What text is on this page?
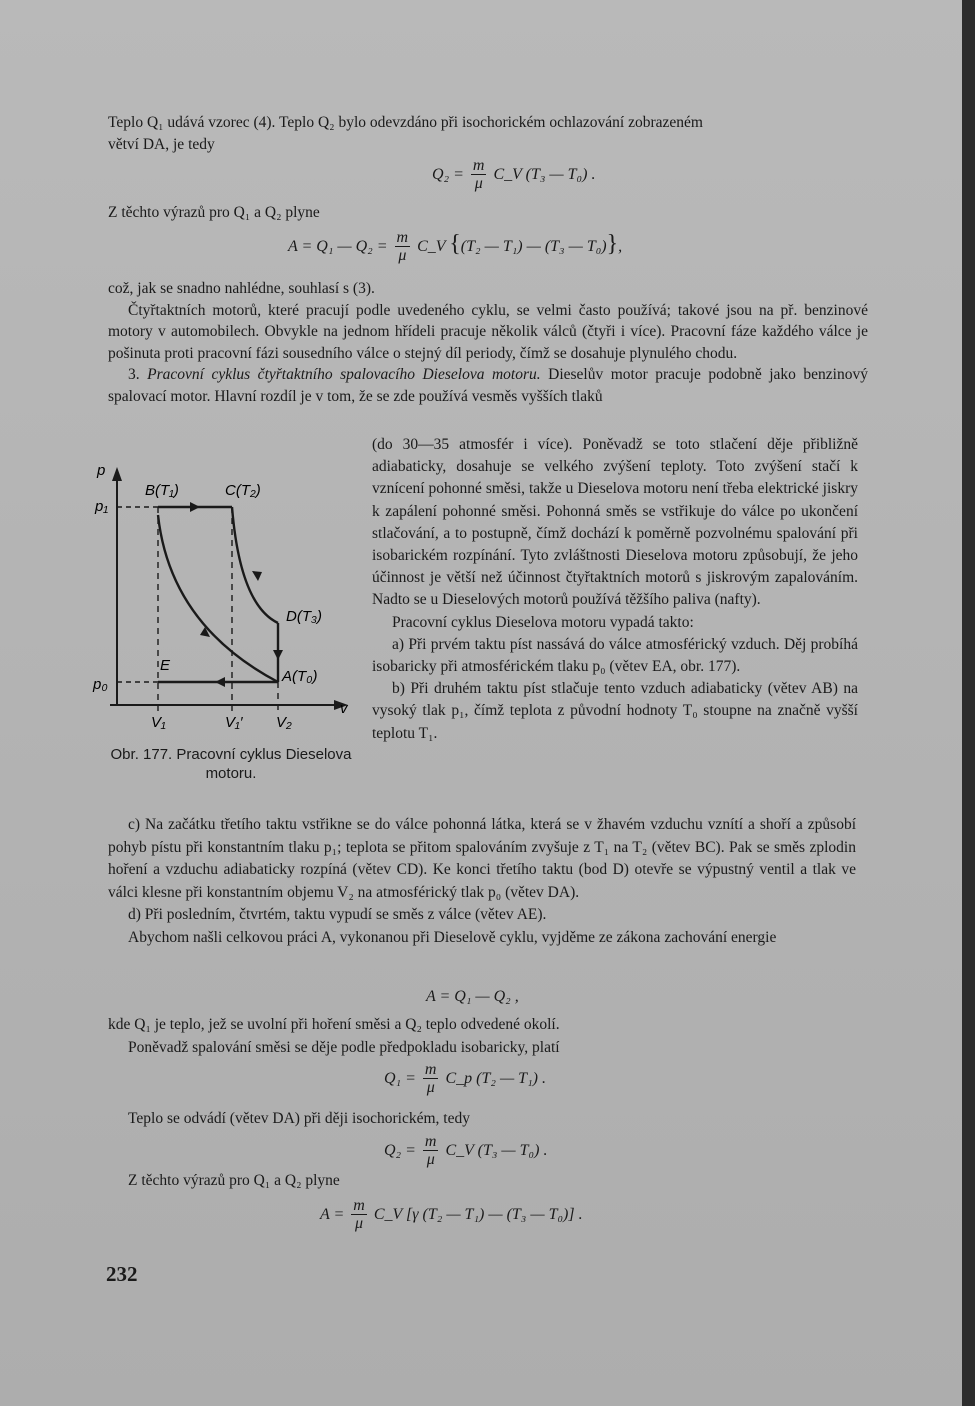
Teplo Q₁ udává vzorec (4). Teplo Q₂ bylo odevzdáno při isochorickém ochlazování zobrazeném

větví DA, je tedy

$Q_2 = \frac{m}{\mu}$ C_V (T₃ — T₀) .

Z těchto výrazů pro Q₁ a Q₂ plyne

A = Q₁ — $Q_2 = \frac{m}{\mu}$ C_V {(T₂ — T₁) — (T₃ — T₀)},

což, jak se snadno nahlédne, souhlasí s (3).

Čtyřtaktních motorů, které pracují podle uvedeného cyklu, se velmi často používá; takové jsou na př. benzinové motory v automobilech. Obvykle na jednom hřídeli pracuje několik válců (čtyři i více). Pracovní fáze každého válce je pošinuta proti pracovní fázi sousedního válce o stejný díl periody, čímž se dosahuje plynulého chodu.

3. Pracovní cyklus čtyřtaktního spalovacího Dieselova motoru. Dieselův motor pracuje podobně jako benzinový spalovací motor. Hlavní rozdíl je v tom, že se zde používá vesměs vyšších tlaků

(do 30—35 atmosfér i více). Poněvadž se toto stlačení děje přibližně adiabaticky, dosahuje se velkého zvýšení teploty. Toto zvýšení stačí k vznícení pohonné směsi, takže u Dieselova motoru není třeba elektrické jiskry k zapálení pohonné směsi. Pohonná směs se vstřikuje do válce po ukončení stlačování, a to postupně, čímž dochází k poměrně pozvolnému spalování při isobarickém rozpínání. Tyto zvláštnosti Dieselova motoru způsobují, že jeho účinnost je větší než účinnost čtyřtaktních motorů s jiskrovým zapalováním. Nadto se u Dieselových motorů používá těžšího paliva (nafty).
Pracovní cyklus Dieselova motoru vypadá takto:
a) Při prvém taktu píst nassává do válce atmosférický vzduch. Děj probíhá isobaricky při atmosférickém tlaku p₀ (větev EA, obr. 177).
b) Při druhém taktu píst stlačuje tento vzduch adiabaticky (větev AB) na vysoký tlak p₁, čímž teplota z původní hodnoty T₀ stoupne na značně vyšší teplotu T₁.
p
p₁
p₀
B(T₁)	C(T₂)
D(T₃)
A(T₀)
E
v
V₁	V₁′ V₂
Obr. 177. Pracovní cyklus Dieselova motoru.
c) Na začátku třetího taktu vstřikne se do válce pohonná látka, která se v žhavém vzduchu vznítí a shoří a způsobí pohyb pístu při konstantním tlaku p₁; teplota se přitom spalováním zvyšuje z T₁ na T₂ (větev BC). Pak se směs zplodin hoření a vzduchu adiabaticky rozpíná (větev CD). Ke konci třetího taktu (bod D) otevře se výpustný ventil a tlak ve válci klesne při konstantním objemu V₂ na atmosférický tlak p₀ (větev DA).
d) Při posledním, čtvrtém, taktu vypudí se směs z válce (větev AE).
Abychom našli celkovou práci A, vykonanou při Dieselově cyklu, vyjděme ze zákona zachování energie
A = Q₁ — Q₂ ,
kde Q₁ je teplo, jež se uvolní při hoření směsi a Q₂ teplo odvedené okolí.
Poněvadž spalování směsi se děje podle předpokladu isobaricky, platí
$Q_1 = \frac{m}{\mu}$ C_p (T₂ — T₁) .
Teplo se odvádí (větev DA) při ději isochorickém, tedy
$Q_2 = \frac{m}{\mu}$ C_V (T₃ — T₀) .
Z těchto výrazů pro Q₁ a Q₂ plyne
$A = \frac{m}{\mu}$ C_V [γ (T₂ — T₁) — (T₃ — T₀)] .
232
